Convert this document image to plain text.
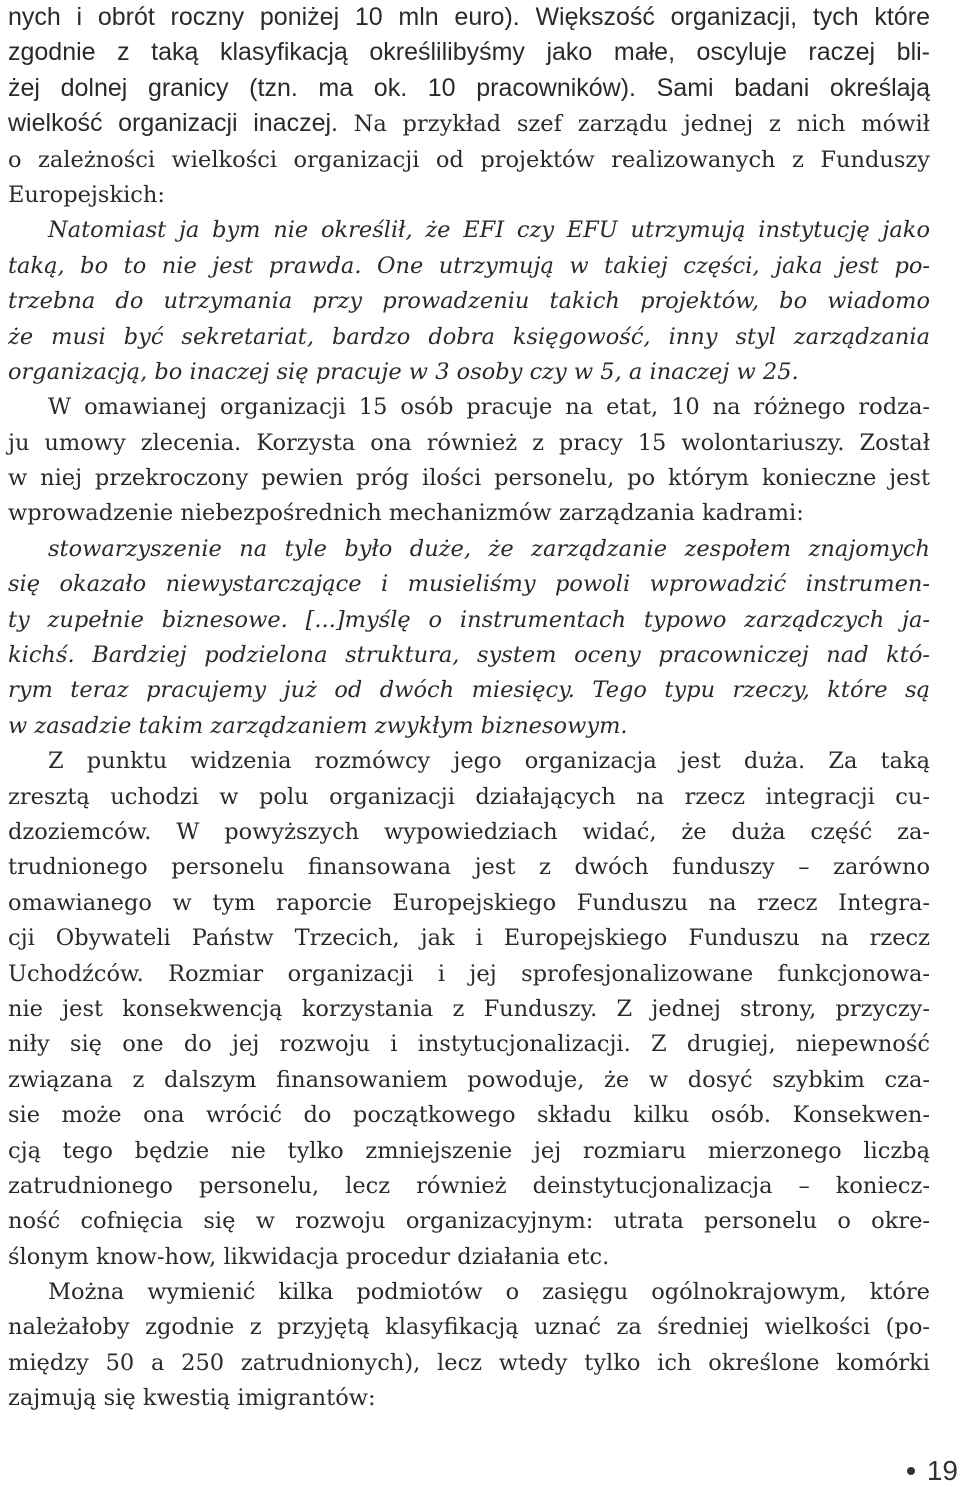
nych i obrót roczny poniżej 10 mln euro). Większość organizacji, tych które
zgodnie z taką klasyfikacją określilibyśmy jako małe, oscyluje raczej bli-
żej dolnej granicy (tzn. ma ok. 10 pracowników). Sami badani określają
wielkość organizacji inaczej. Na przykład szef zarządu jednej z nich mówił
o zależności wielkości organizacji od projektów realizowanych z Funduszy
Europejskich:
Natomiast ja bym nie określił, że EFI czy EFU utrzymują instytucję jako
taką, bo to nie jest prawda. One utrzymują w takiej części, jaka jest po-
trzebna do utrzymania przy prowadzeniu takich projektów, bo wiadomo
że musi być sekretariat, bardzo dobra księgowość, inny styl zarządzania
organizacją, bo inaczej się pracuje w 3 osoby czy w 5, a inaczej w 25.
W omawianej organizacji 15 osób pracuje na etat, 10 na różnego rodza-
ju umowy zlecenia. Korzysta ona również z pracy 15 wolontariuszy. Został
w niej przekroczony pewien próg ilości personelu, po którym konieczne jest
wprowadzenie niebezpośrednich mechanizmów zarządzania kadrami:
stowarzyszenie na tyle było duże, że zarządzanie zespołem znajomych
się okazało niewystarczające i musieliśmy powoli wprowadzić instrumen-
ty zupełnie biznesowe. [...]myślę o instrumentach typowo zarządczych ja-
kichś. Bardziej podzielona struktura, system oceny pracowniczej nad któ-
rym teraz pracujemy już od dwóch miesięcy. Tego typu rzeczy, które są
w zasadzie takim zarządzaniem zwykłym biznesowym.
Z punktu widzenia rozmówcy jego organizacja jest duża. Za taką
zresztą uchodzi w polu organizacji działających na rzecz integracji cu-
dzoziemców. W powyższych wypowiedziach widać, że duża część za-
trudnionego personelu finansowana jest z dwóch funduszy – zarówno
omawianego w tym raporcie Europejskiego Funduszu na rzecz Integra-
cji Obywateli Państw Trzecich, jak i Europejskiego Funduszu na rzecz
Uchodźców. Rozmiar organizacji i jej sprofesjonalizowane funkcjonowa-
nie jest konsekwencją korzystania z Funduszy. Z jednej strony, przyczy-
niły się one do jej rozwoju i instytucjonalizacji. Z drugiej, niepewność
związana z dalszym finansowaniem powoduje, że w dosyć szybkim cza-
sie może ona wrócić do początkowego składu kilku osób. Konsekwen-
cją tego będzie nie tylko zmniejszenie jej rozmiaru mierzonego liczbą
zatrudnionego personelu, lecz również deinstytucjonalizacja – koniecz-
ność cofnięcia się w rozwoju organizacyjnym: utrata personelu o okre-
ślonym know-how, likwidacja procedur działania etc.
Można wymienić kilka podmiotów o zasięgu ogólnokrajowym, które
należałoby zgodnie z przyjętą klasyfikacją uznać za średniej wielkości (po-
między 50 a 250 zatrudnionych), lecz wtedy tylko ich określone komórki
zajmują się kwestią imigrantów:
19
